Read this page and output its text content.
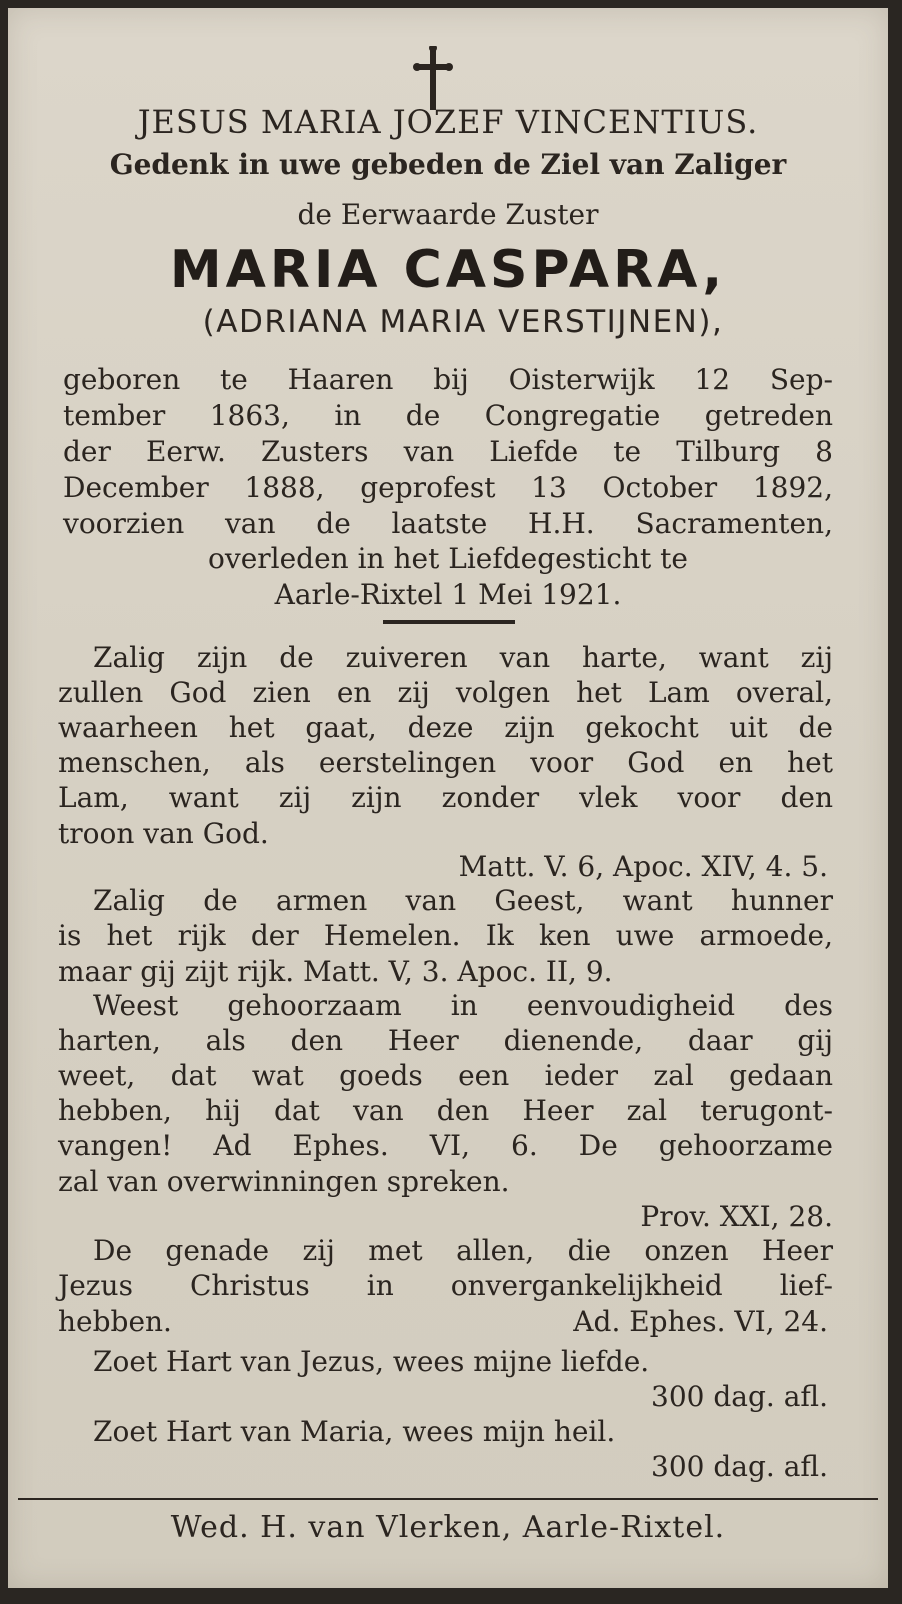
JESUS MARIA JOZEF VINCENTIUS.
Gedenk in uwe gebeden de Ziel van Zaliger
de Eerwaarde Zuster
MARIA CASPARA,
(ADRIANA MARIA VERSTIJNEN),
geboren te Haaren bij Oisterwijk 12 Sep-
tember 1863, in de Congregatie getreden
der Eerw. Zusters van Liefde te Tilburg 8
December 1888, geprofest 13 October 1892,
voorzien van de laatste H.H. Sacramenten,
overleden in het Liefdegesticht te
Aarle-Rixtel 1 Mei 1921.
Zalig zijn de zuiveren van harte, want zij
zullen God zien en zij volgen het Lam overal,
waarheen het gaat, deze zijn gekocht uit de
menschen, als eerstelingen voor God en het
Lam, want zij zijn zonder vlek voor den
troon van God.
Matt. V. 6, Apoc. XIV, 4. 5.
Zalig de armen van Geest, want hunner
is het rijk der Hemelen. Ik ken uwe armoede,
maar gij zijt rijk. Matt. V, 3. Apoc. II, 9.
Weest gehoorzaam in eenvoudigheid des
harten, als den Heer dienende, daar gij
weet, dat wat goeds een ieder zal gedaan
hebben, hij dat van den Heer zal terugont-
vangen! Ad Ephes. VI, 6. De gehoorzame
zal van overwinningen spreken.
Prov. XXI, 28.
De genade zij met allen, die onzen Heer
Jezus Christus in onvergankelijkheid lief-
hebben.	Ad. Ephes. VI, 24.
Zoet Hart van Jezus, wees mijne liefde.
300 dag. afl.
Zoet Hart van Maria, wees mijn heil.
300 dag. afl.
Wed. H. van Vlerken, Aarle-Rixtel.
